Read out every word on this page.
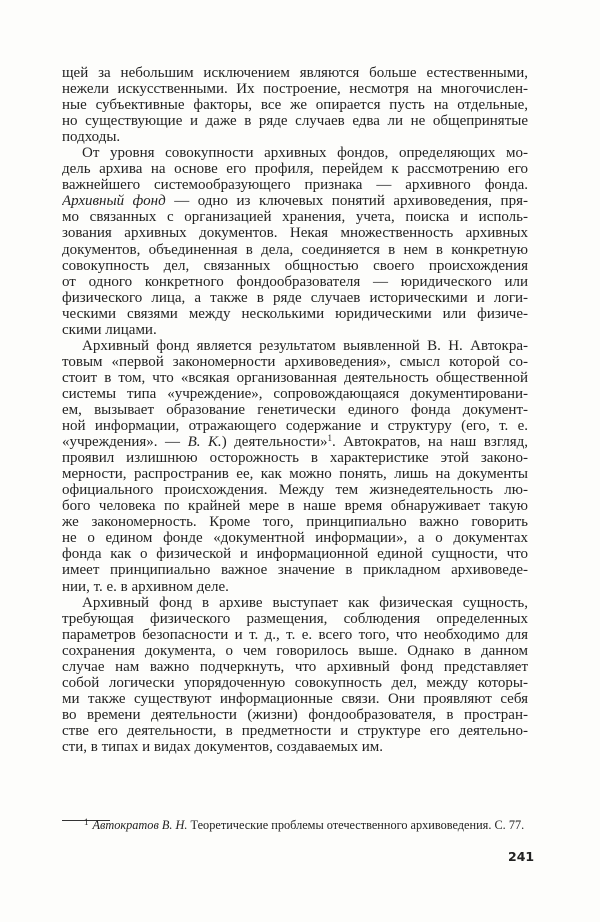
щей за небольшим исключением являются больше естественными,
нежели искусственными. Их построение, несмотря на многочислен-
ные субъективные факторы, все же опирается пусть на отдельные,
но существующие и даже в ряде случаев едва ли не общепринятые
подходы.
От уровня совокупности архивных фондов, определяющих мо-
дель архива на основе его профиля, перейдем к рассмотрению его
важнейшего системообразующего признака — архивного фонда.
Архивный фонд — одно из ключевых понятий архивоведения, пря-
мо связанных с организацией хранения, учета, поиска и исполь-
зования архивных документов. Некая множественность архивных
документов, объединенная в дела, соединяется в нем в конкретную
совокупность дел, связанных общностью своего происхождения
от одного конкретного фондообразователя — юридического или
физического лица, а также в ряде случаев историческими и логи-
ческими связями между несколькими юридическими или физиче-
скими лицами.
Архивный фонд является результатом выявленной В. Н. Автокра-
товым «первой закономерности архивоведения», смысл которой со-
стоит в том, что «всякая организованная деятельность общественной
системы типа «учреждение», сопровождающаяся документировани-
ем, вызывает образование генетически единого фонда документ-
ной информации, отражающего содержание и структуру (его, т. е.
«учреждения». — В. К.) деятельности»$^1$. Автократов, на наш взгляд,
проявил излишнюю осторожность в характеристике этой законо-
мерности, распространив ее, как можно понять, лишь на документы
официального происхождения. Между тем жизнедеятельность лю-
бого человека по крайней мере в наше время обнаруживает такую
же закономерность. Кроме того, принципиально важно говорить
не о едином фонде «документной информации», а о документах
фонда как о физической и информационной единой сущности, что
имеет принципиально важное значение в прикладном архивоведе-
нии, т. е. в архивном деле.
Архивный фонд в архиве выступает как физическая сущность,
требующая физического размещения, соблюдения определенных
параметров безопасности и т. д., т. е. всего того, что необходимо для
сохранения документа, о чем говорилось выше. Однако в данном
случае нам важно подчеркнуть, что архивный фонд представляет
собой логически упорядоченную совокупность дел, между которы-
ми также существуют информационные связи. Они проявляют себя
во времени деятельности (жизни) фондообразователя, в простран-
стве его деятельности, в предметности и структуре его деятельно-
сти, в типах и видах документов, создаваемых им.
$^1$ Автократов В. Н. Теоретические проблемы отечественного архивоведения. С. 77.
241
